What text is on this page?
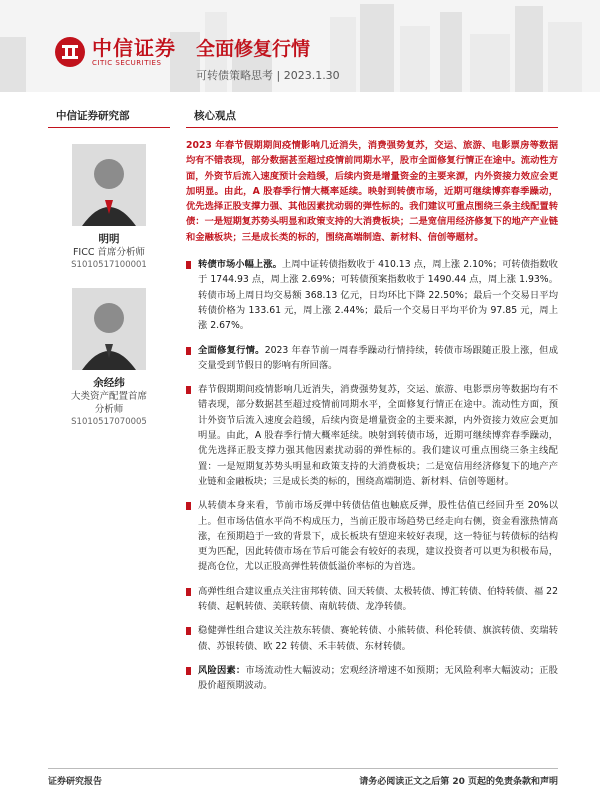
中信证券
CITIC SECURITIES
全面修复行情
可转债策略思考 | 2023.1.30
中信证券研究部
明明
FICC 首席分析师
S1010517100001
余经纬
大类资产配置首席
分析师
S1010517070005
核心观点
2023 年春节假期期间疫情影响几近消失，消费强势复苏，交运、旅游、电影票房等数据均有不错表现，部分数据甚至超过疫情前同期水平，股市全面修复行情正在途中。流动性方面，外资节后流入速度预计会趋缓，后续内资是增量资金的主要来源，内外资接力效应会更加明显。由此，A 股春季行情大概率延续。映射到转债市场，近期可继续博弈春季躁动，优先选择正股支撑力强、其他因素扰动弱的弹性标的。我们建议可重点围绕三条主线配置转债：一是短期复苏势头明显和政策支持的大消费板块；二是宽信用经济修复下的地产产业链和金融板块；三是成长类的标的，围绕高端制造、新材料、信创等题材。
转债市场小幅上涨。上周中证转债指数收于 410.13 点，周上涨 2.10%；可转债指数收于 1744.93 点，周上涨 2.69%；可转债预案指数收于 1490.44 点，周上涨 1.93%。转债市场上周日均交易额 368.13 亿元，日均环比下降 22.50%；最后一个交易日平均转债价格为 133.61 元，周上涨 2.44%；最后一个交易日平均平价为 97.85 元，周上涨 2.67%。
全面修复行情。2023 年春节前一周春季躁动行情持续，转债市场跟随正股上涨，但成交量受到节假日的影响有所回落。
春节假期期间疫情影响几近消失，消费强势复苏，交运、旅游、电影票房等数据均有不错表现，部分数据甚至超过疫情前同期水平，全面修复行情正在途中。流动性方面，预计外资节后流入速度会趋缓，后续内资是增量资金的主要来源，内外资接力效应会更加明显。由此，A 股春季行情大概率延续。映射到转债市场，近期可继续博弈春季躁动，优先选择正股支撑力强其他因素扰动弱的弹性标的。我们建议可重点围绕三条主线配置：一是短期复苏势头明显和政策支持的大消费板块；二是宽信用经济修复下的地产产业链和金融板块；三是成长类的标的，围绕高端制造、新材料、信创等题材。
从转债本身来看，节前市场反弹中转债估值也触底反弹，股性估值已经回升至 20%以上。但市场估值水平尚不构成压力，当前正股市场趋势已经走向右侧，资金看涨热情高涨，在预期趋于一致的背景下，成长板块有望迎来较好表现，这一特征与转债标的结构更为匹配，因此转债市场在节后可能会有较好的表现，建议投资者可以更为积极布局，提高仓位，尤以正股高弹性转债低溢价率标的为首选。
高弹性组合建议重点关注宙邦转债、回天转债、太极转债、博汇转债、伯特转债、福 22 转债、起帆转债、美联转债、南航转债、龙净转债。
稳健弹性组合建议关注敖东转债、赛轮转债、小熊转债、科伦转债、旗滨转债、奕瑞转债、苏银转债、欧 22 转债、禾丰转债、东材转债。
风险因素：市场流动性大幅波动；宏观经济增速不如预期；无风险利率大幅波动；正股股价超预期波动。
证券研究报告	请务必阅读正文之后第 20 页起的免责条款和声明
